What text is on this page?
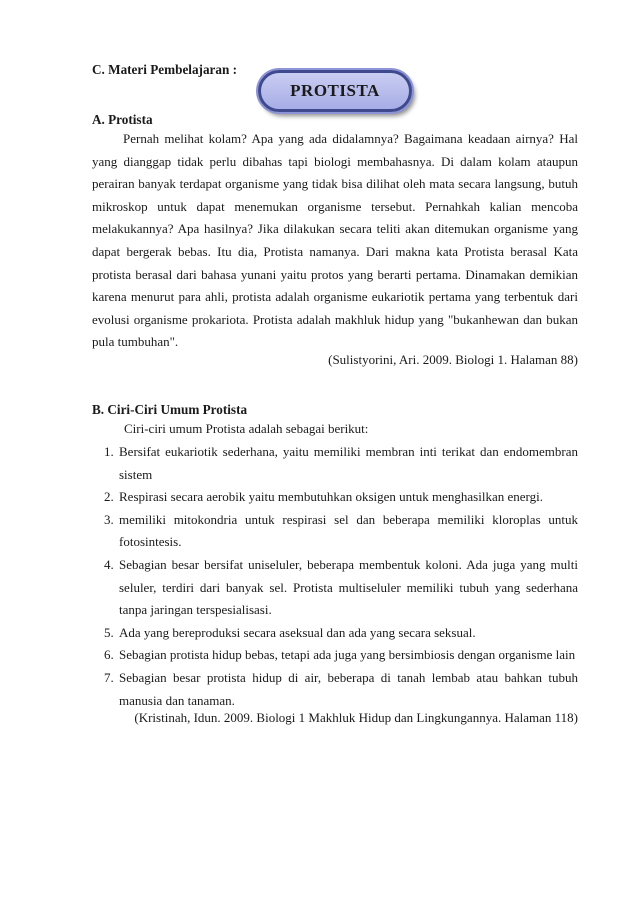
C. Materi Pembelajaran :
PROTISTA
A. Protista

Pernah melihat kolam? Apa yang ada didalamnya? Bagaimana keadaan airnya? Hal yang dianggap tidak perlu dibahas tapi biologi membahasnya. Di dalam kolam ataupun perairan banyak terdapat organisme yang tidak bisa dilihat oleh mata secara langsung, butuh mikroskop untuk dapat menemukan organisme tersebut. Pernahkah kalian mencoba melakukannya? Apa hasilnya? Jika dilakukan secara teliti akan ditemukan organisme yang dapat bergerak bebas. Itu dia, Protista namanya. Dari makna kata Protista berasal Kata protista berasal dari bahasa yunani yaitu protos yang berarti pertama. Dinamakan demikian karena menurut para ahli, protista adalah organisme eukariotik pertama yang terbentuk dari evolusi organisme prokariota. Protista adalah makhluk hidup yang "bukanhewan dan bukan pula tumbuhan".

(Sulistyorini, Ari. 2009. Biologi 1. Halaman 88)
B. Ciri-Ciri Umum Protista
Ciri-ciri umum Protista adalah sebagai berikut:
1. Bersifat eukariotik sederhana, yaitu memiliki membran inti terikat dan endomembran sistem
2. Respirasi secara aerobik yaitu membutuhkan oksigen untuk menghasilkan energi.
3. memiliki mitokondria untuk respirasi sel dan beberapa memiliki kloroplas untuk fotosintesis.
4. Sebagian besar bersifat uniseluler, beberapa membentuk koloni. Ada juga yang multi seluler, terdiri dari banyak sel. Protista multiseluler memiliki tubuh yang sederhana tanpa jaringan terspesialisasi.
5. Ada yang bereproduksi secara aseksual dan ada yang secara seksual.
6. Sebagian protista hidup bebas, tetapi ada juga yang bersimbiosis dengan organisme lain
7. Sebagian besar protista hidup di air, beberapa di tanah lembab atau bahkan tubuh manusia dan tanaman.
(Kristinah, Idun. 2009. Biologi 1 Makhluk Hidup dan Lingkungannya. Halaman 118)
